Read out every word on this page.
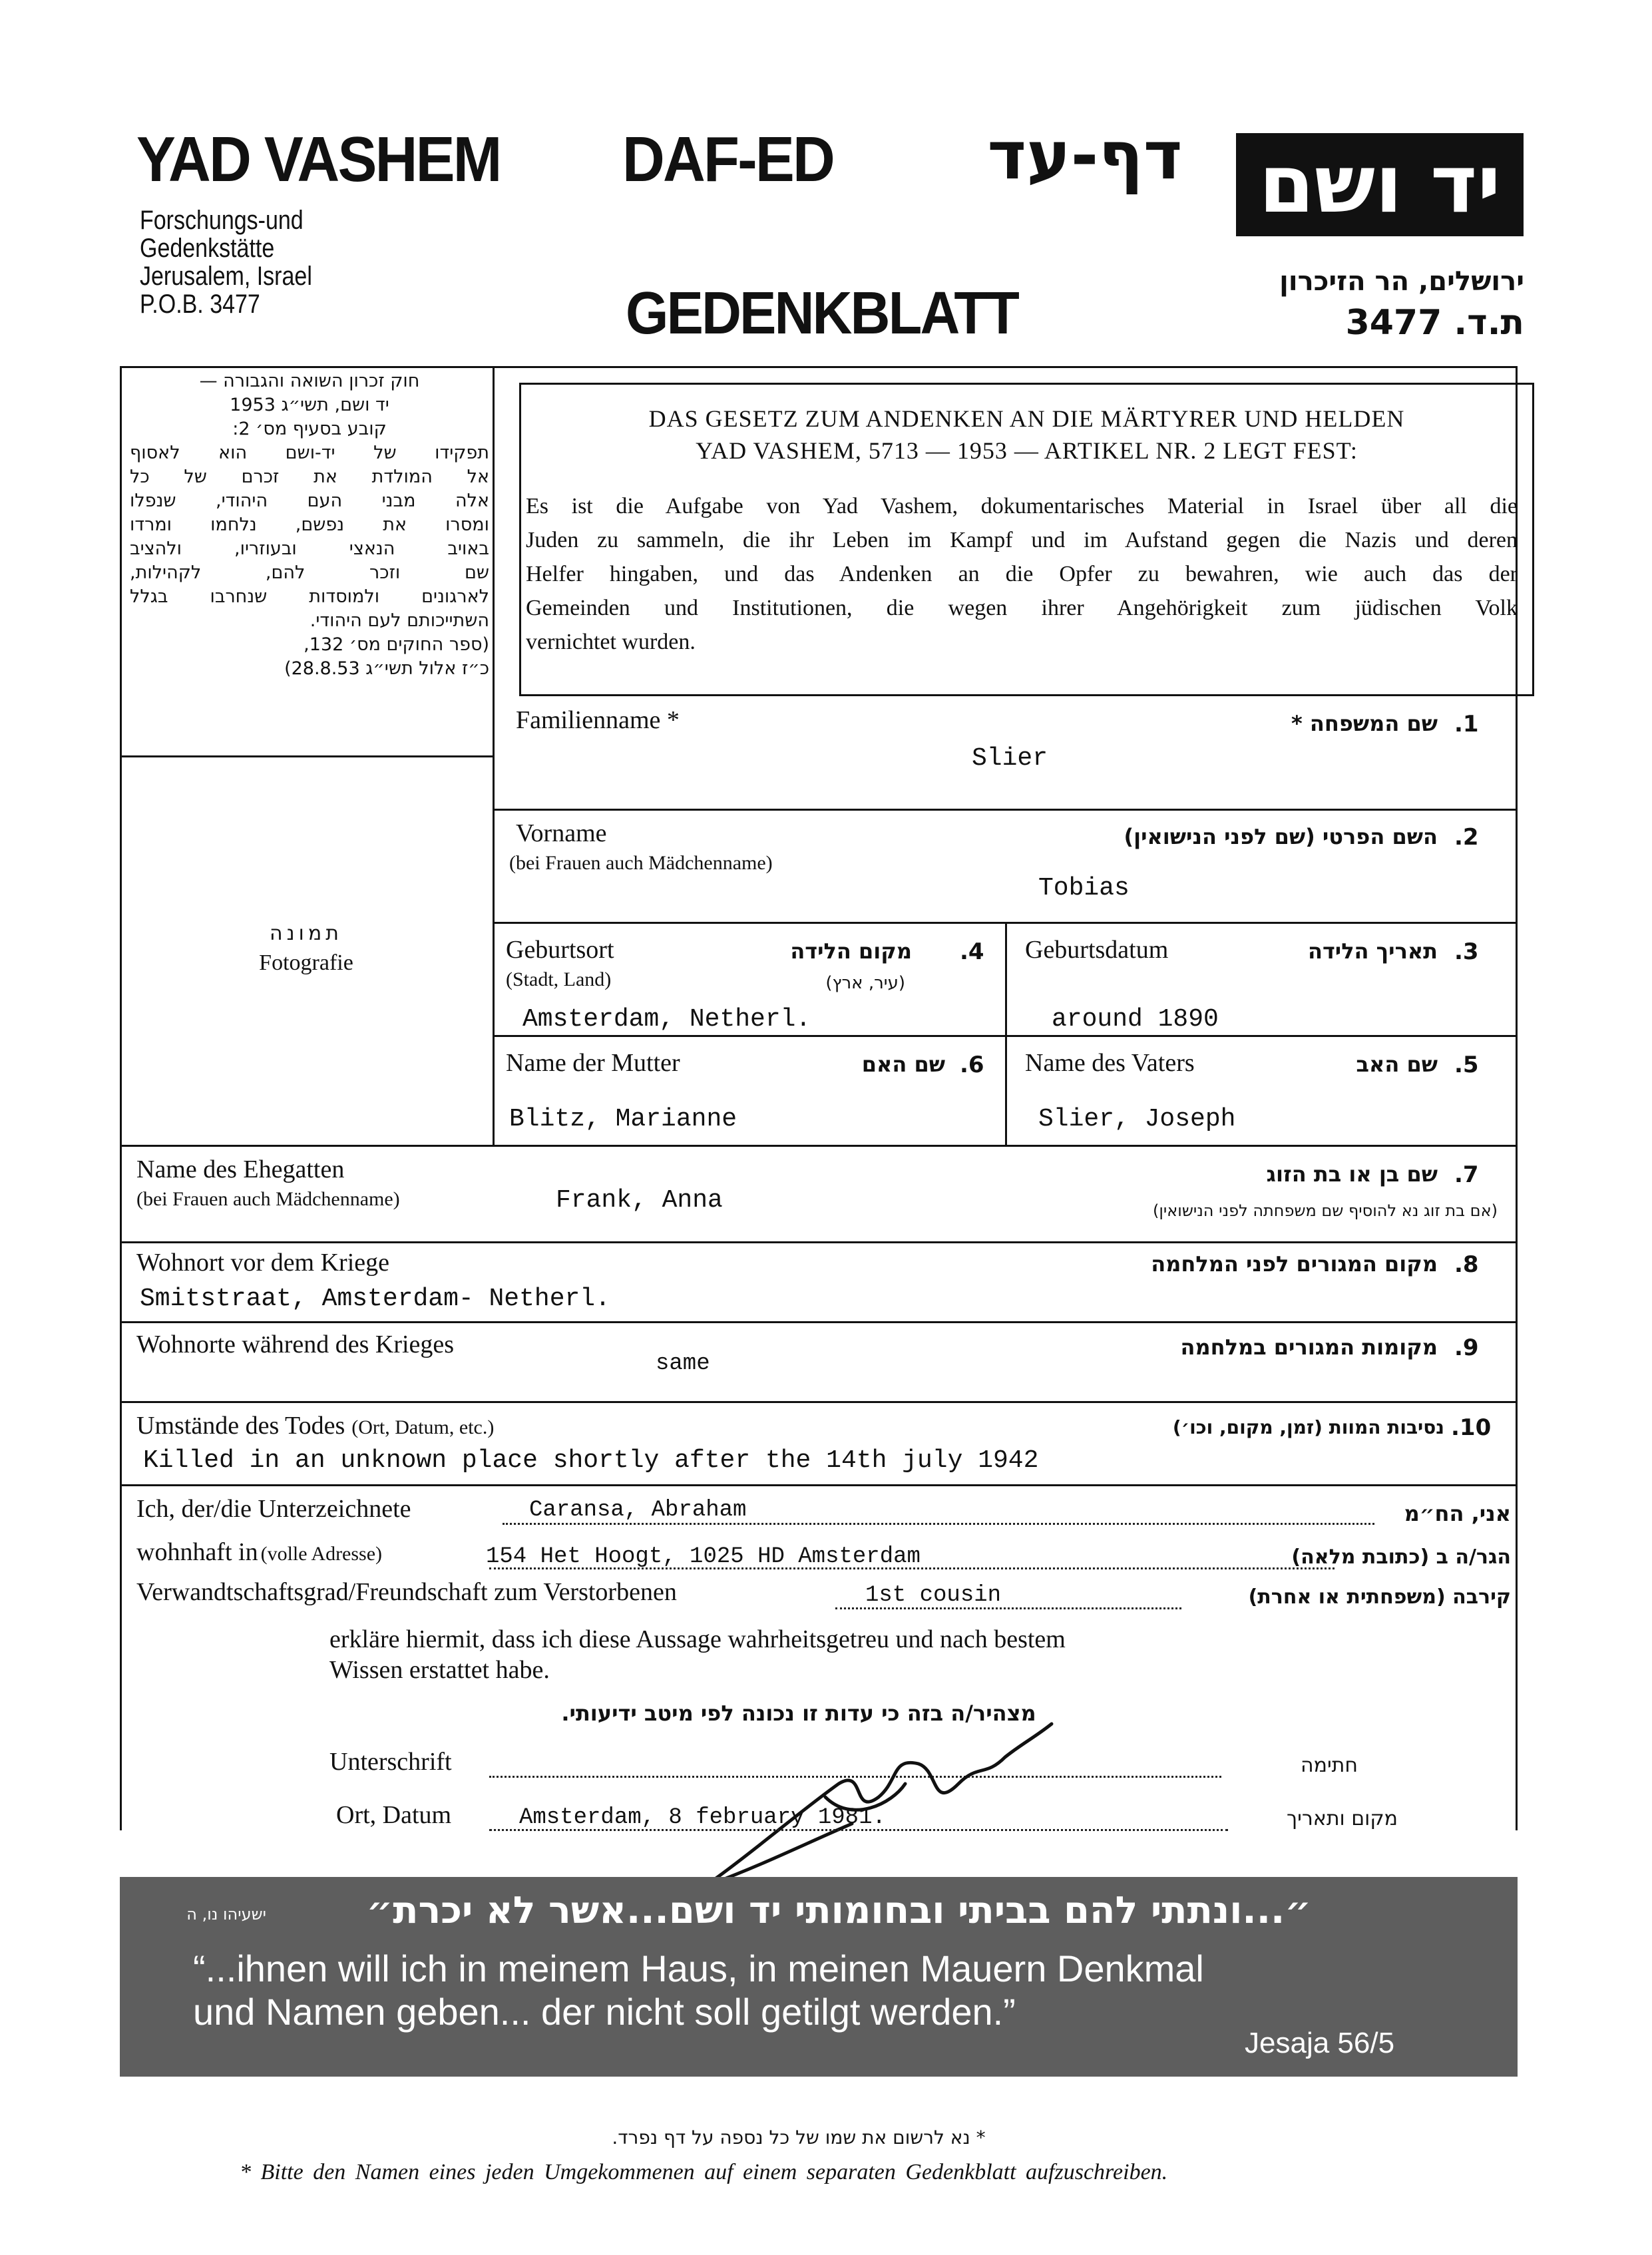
YAD VASHEM DAF-ED	דף-עד יד ושם
Forschungs-und
Gedenkstätte
Jerusalem, Israel
P.O.B. 3477	GEDENKBLATT	ירושלים, הר הזיכרון
ת.ד. 3477
חוק זכרון השואה והגבורה —
יד ושם, תשי״ג 1953
קובע בסעיף מס׳ 2:
תפקידו של יד-ושם הוא לאסוף
אל המולדת את זכרם של כל
אלה מבני העם היהודי, שנפלו
ומסרו את נפשם, נלחמו ומרדו
באויב הנאצי ובעוזריו, ולהציב
שם וזכר להם, לקהילות,
לארגונים ולמוסדות שנחרבו בגלל
השתייכותם לעם היהודי.
(ספר החוקים מס׳ 132,
כ״ז אלול תשי״ג 28.8.53)
DAS GESETZ ZUM ANDENKEN AN DIE MÄRTYRER UND HELDEN
YAD VASHEM, 5713 — 1953 — ARTIKEL NR. 2 LEGT FEST:
Es ist die Aufgabe von Yad Vashem, dokumentarisches Material in Israel über all die
Juden zu sammeln, die ihr Leben im Kampf und im Aufstand gegen die Nazis und deren
Helfer hingaben, und das Andenken an die Opfer zu bewahren, wie auch das der
Gemeinden und Institutionen, die wegen ihrer Angehörigkeit zum jüdischen Volk
vernichtet wurden.
תמונה
Fotografie
Familienname *	שם המשפחה * .1
Slier
Vorname
(bei Frauen auch Mädchenname)
השם הפרטי (שם לפני הנישואין) .2
Tobias
Geburtsort
(Stadt, Land)
מקום הלידה
(עיר, ארץ)
.4
Amsterdam, Netherl.
Geburtsdatum	תאריך הלידה .3
around 1890
Name der Mutter	שם האם .6
Blitz, Marianne
Name des Vaters	שם האב .5
Slier, Joseph
Name des Ehegatten
(bei Frauen auch Mädchenname)	Frank, Anna
שם בן או בת הזוג .7
(אם בת זוג נא להוסיף שם משפחתה לפני הנישואין)
Wohnort vor dem Kriege	מקום המגורים לפני המלחמה .8
Smitstraat, Amsterdam- Netherl.
Wohnorte während des Krieges	מקומות המגורים במלחמה .9
same
Umstände des Todes (Ort, Datum, etc.)	נסיבות המוות (זמן, מקום, וכו׳) .10
Killed in an unknown place shortly after the 14th july 1942
Ich, der/die Unterzeichnete	Caransa, Abraham	אני, הח״מ
wohnhaft in (volle Adresse)	154 Het Hoogt, 1025 HD Amsterdam	הגר/ה ב (כתובת מלאה)
Verwandtschaftsgrad/Freundschaft zum Verstorbenen	1st cousin	קירבה (משפחתית או אחרת)
erkläre hiermit, dass ich diese Aussage wahrheitsgetreu und nach bestem
Wissen erstattet habe.
מצהיר/ה בזה כי עדות זו נכונה לפי מיטב ידיעותי.
Unterschrift	חתימה
Ort, Datum	Amsterdam, 8 february 1981.	מקום ותאריך
״...ונתתי להם בביתי ובחומותי יד ושם...אשר לא יכרת״
ישעיהו נו, ה
“...ihnen will ich in meinem Haus, in meinen Mauern Denkmal
und Namen geben... der nicht soll getilgt werden.”
Jesaja 56/5
* נא לרשום את שמו של כל נספה על דף נפרד.
* Bitte den Namen eines jeden Umgekommenen auf einem separaten Gedenkblatt aufzuschreiben.
